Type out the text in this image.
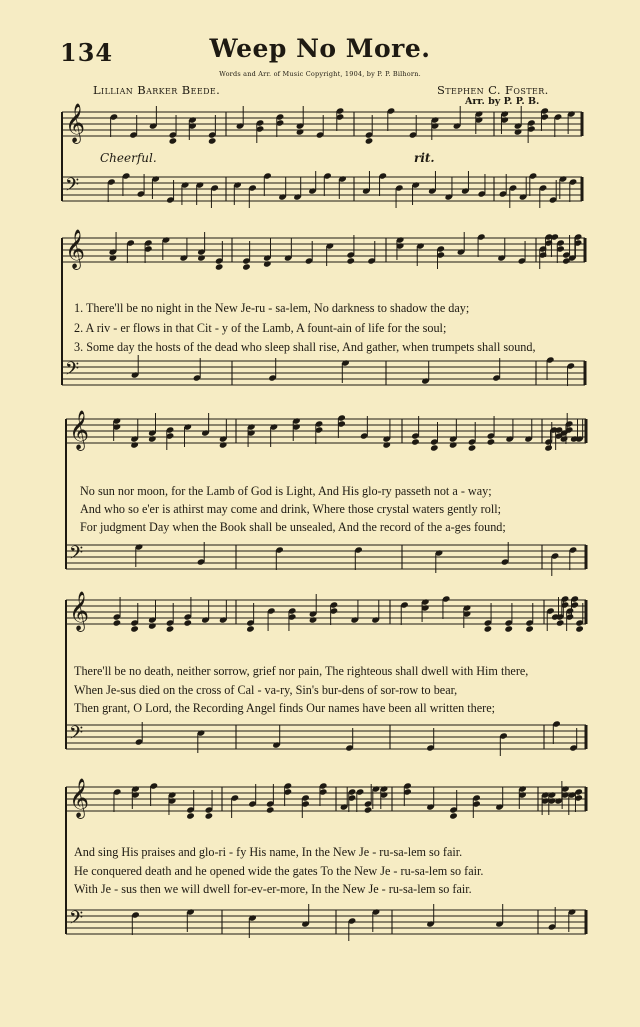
𝄞
𝄢
𝄞
𝄢
𝄞
𝄢
𝄞
𝄢
𝄞
𝄢
134	Weep No More.
Words and Arr. of Music Copyright, 1904, by P. P. Bilhorn.
Lillian Barker Beede.	Stephen C. Foster.
Arr. by P. P. B.
Cheerful.	rit.
1. There'll be no night in the New Je-ru - sa-lem, No darkness to shadow the day;
2. A riv - er flows in that Cit - y of the Lamb, A fount-ain of life for the soul;
3. Some day the hosts of the dead who sleep shall rise, And gather, when trumpets shall sound,
No sun nor moon, for the Lamb of God is Light, And His glo-ry passeth not a - way;
And who so e'er is athirst may come and drink, Where those crystal waters gently roll;
For judgment Day when the Book shall be unsealed, And the record of the a-ges found;
There'll be no death, neither sorrow, grief nor pain, The righteous shall dwell with Him there,
When Je-sus died on the cross of Cal - va-ry, Sin's bur-dens of sor-row to bear,
Then grant, O Lord, the Recording Angel finds Our names have been all written there;
And sing His praises and glo-ri - fy His name, In the New Je - ru-sa-lem so fair.
He conquered death and he opened wide the gates To the New Je - ru-sa-lem so fair.
With Je - sus then we will dwell for-ev-er-more, In the New Je - ru-sa-lem so fair.
